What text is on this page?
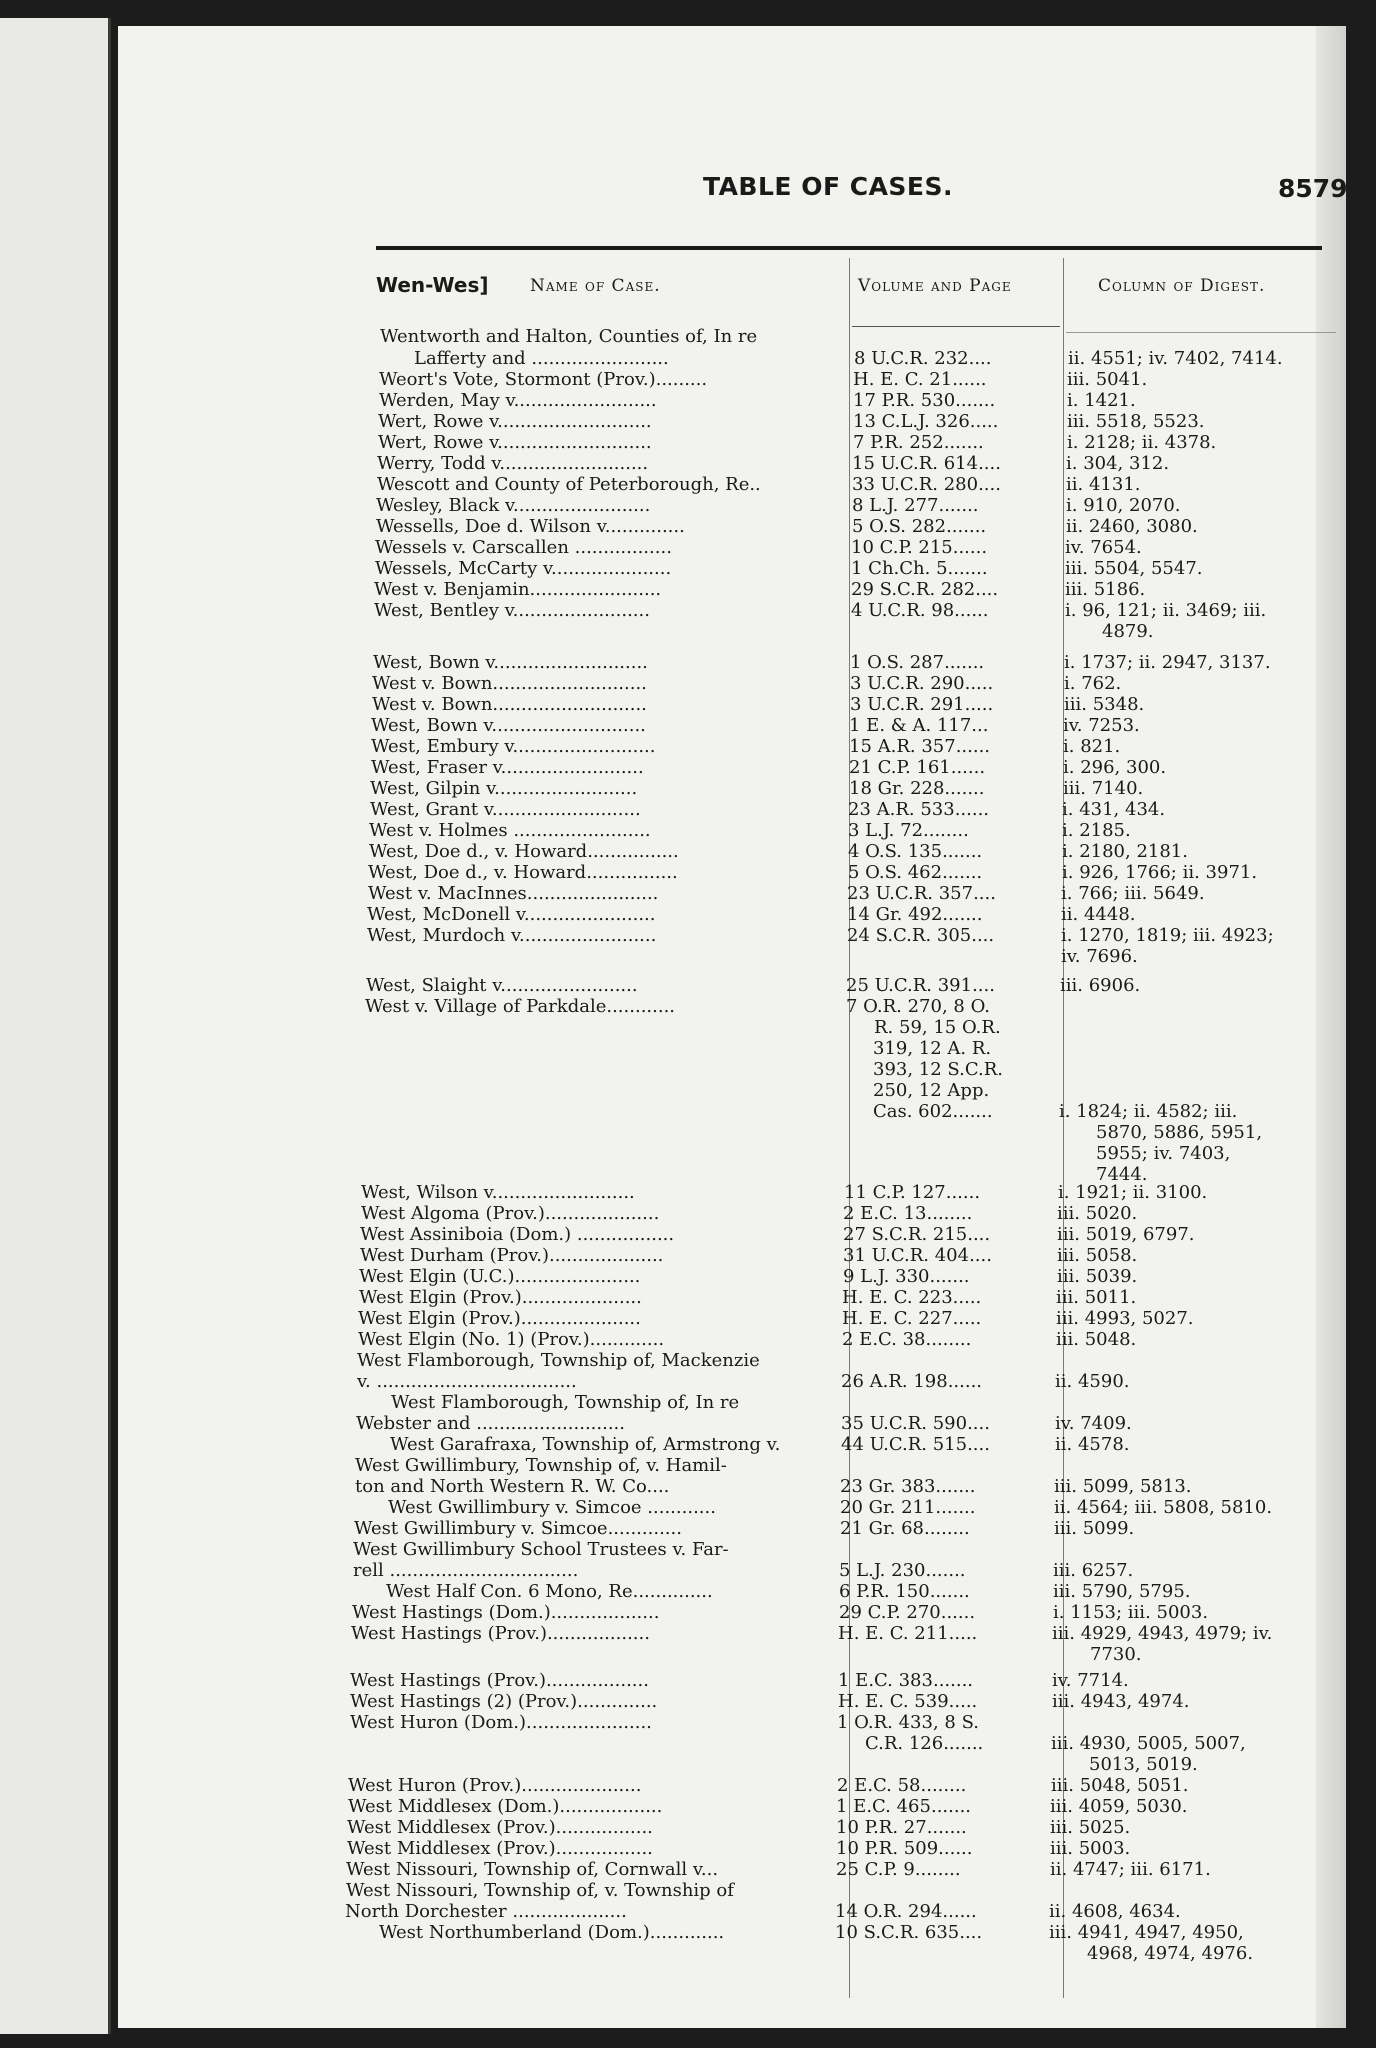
TABLE OF CASES.	8579
Wen-Wes] Name of Case.	Volume and Page	Column of Digest.
Wentworth and Halton, Counties of, In re
Lafferty and ........................	8 U.C.R. 232....	ii. 4551; iv. 7402, 7414.
Weort's Vote, Stormont (Prov.).........	H. E. C. 21......	iii. 5041.
Werden, May v.........................	17 P.R. 530.......	i. 1421.
Wert, Rowe v...........................	13 C.L.J. 326.....	iii. 5518, 5523.
Wert, Rowe v...........................	7 P.R. 252.......	i. 2128; ii. 4378.
Werry, Todd v..........................	15 U.C.R. 614....	i. 304, 312.
Wescott and County of Peterborough, Re..	33 U.C.R. 280....	ii. 4131.
Wesley, Black v........................	8 L.J. 277.......	i. 910, 2070.
Wessells, Doe d. Wilson v..............	5 O.S. 282.......	ii. 2460, 3080.
Wessels v. Carscallen .................	10 C.P. 215......	iv. 7654.
Wessels, McCarty v.....................	1 Ch.Ch. 5.......	iii. 5504, 5547.
West v. Benjamin.......................	29 S.C.R. 282....	iii. 5186.
West, Bentley v........................	4 U.C.R. 98......	i. 96, 121; ii. 3469; iii.
4879.
West, Bown v...........................	1 O.S. 287.......	i. 1737; ii. 2947, 3137.
West v. Bown...........................	3 U.C.R. 290.....	i. 762.
West v. Bown...........................	3 U.C.R. 291.....	iii. 5348.
West, Bown v...........................	1 E. & A. 117...	iv. 7253.
West, Embury v.........................	15 A.R. 357......	i. 821.
West, Fraser v.........................	21 C.P. 161......	i. 296, 300.
West, Gilpin v.........................	18 Gr. 228.......	iii. 7140.
West, Grant v..........................	23 A.R. 533......	i. 431, 434.
West v. Holmes ........................	3 L.J. 72........	i. 2185.
West, Doe d., v. Howard................	4 O.S. 135.......	i. 2180, 2181.
West, Doe d., v. Howard................	5 O.S. 462.......	i. 926, 1766; ii. 3971.
West v. MacInnes.......................	23 U.C.R. 357....	i. 766; iii. 5649.
West, McDonell v.......................	14 Gr. 492.......	ii. 4448.
West, Murdoch v........................	24 S.C.R. 305....	i. 1270, 1819; iii. 4923;
iv. 7696.
West, Slaight v........................	25 U.C.R. 391....	iii. 6906.
West v. Village of Parkdale............	7 O.R. 270, 8 O.
R. 59, 15 O.R.
319, 12 A. R.
393, 12 S.C.R.
250, 12 App.
Cas. 602.......	i. 1824; ii. 4582; iii.
5870, 5886, 5951,
5955; iv. 7403,
7444.
West, Wilson v.........................	11 C.P. 127......	i. 1921; ii. 3100.
West Algoma (Prov.)....................	2 E.C. 13........	iii. 5020.
West Assiniboia (Dom.) .................	27 S.C.R. 215....	iii. 5019, 6797.
West Durham (Prov.)....................	31 U.C.R. 404....	iii. 5058.
West Elgin (U.C.)......................	9 L.J. 330.......	iii. 5039.
West Elgin (Prov.).....................	H. E. C. 223.....	iii. 5011.
West Elgin (Prov.).....................	H. E. C. 227.....	iii. 4993, 5027.
West Elgin (No. 1) (Prov.).............	2 E.C. 38........	iii. 5048.
West Flamborough, Township of, Mackenzie
v. ...................................	26 A.R. 198......	ii. 4590.
West Flamborough, Township of, In re
Webster and ..........................	35 U.C.R. 590....	iv. 7409.
West Garafraxa, Township of, Armstrong v.	44 U.C.R. 515....	ii. 4578.
West Gwillimbury, Township of, v. Hamil-
ton and North Western R. W. Co....	23 Gr. 383.......	iii. 5099, 5813.
West Gwillimbury v. Simcoe ............	20 Gr. 211.......	ii. 4564; iii. 5808, 5810.
West Gwillimbury v. Simcoe.............	21 Gr. 68........	iii. 5099.
West Gwillimbury School Trustees v. Far-
rell .................................	5 L.J. 230.......	iii. 6257.
West Half Con. 6 Mono, Re..............	6 P.R. 150.......	iii. 5790, 5795.
West Hastings (Dom.)...................	29 C.P. 270......	i. 1153; iii. 5003.
West Hastings (Prov.)..................	H. E. C. 211.....	iii. 4929, 4943, 4979; iv.
7730.
West Hastings (Prov.)..................	1 E.C. 383.......	iv. 7714.
West Hastings (2) (Prov.)..............	H. E. C. 539.....	iii. 4943, 4974.
West Huron (Dom.)......................	1 O.R. 433, 8 S.
C.R. 126.......	iii. 4930, 5005, 5007,
5013, 5019.
West Huron (Prov.).....................	2 E.C. 58........	iii. 5048, 5051.
West Middlesex (Dom.)..................	1 E.C. 465.......	iii. 4059, 5030.
West Middlesex (Prov.).................	10 P.R. 27.......	iii. 5025.
West Middlesex (Prov.).................	10 P.R. 509......	iii. 5003.
West Nissouri, Township of, Cornwall v...	25 C.P. 9........	ii. 4747; iii. 6171.
West Nissouri, Township of, v. Township of
North Dorchester ....................	14 O.R. 294......	ii. 4608, 4634.
West Northumberland (Dom.).............	10 S.C.R. 635....	iii. 4941, 4947, 4950,
4968, 4974, 4976.
